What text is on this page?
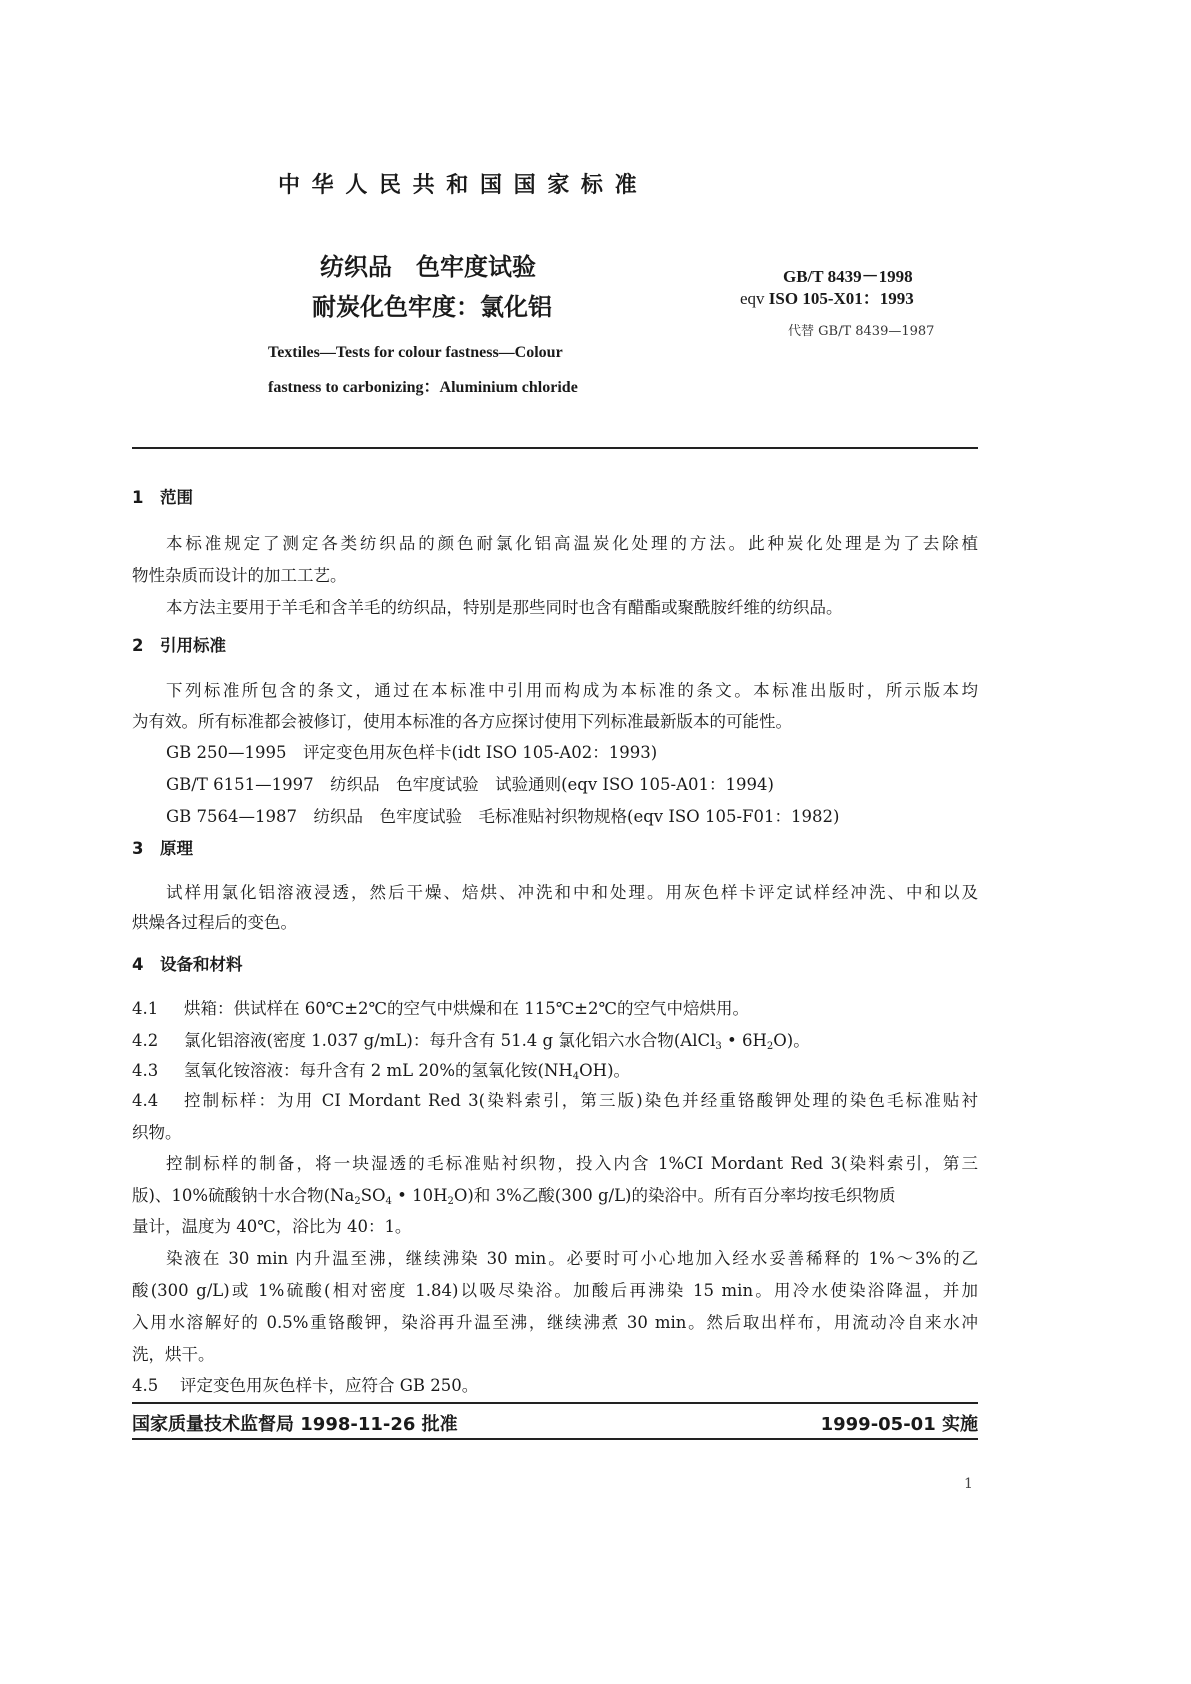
中 华 人 民 共 和 国 国 家 标 准
纺织品　色牢度试验
耐炭化色牢度：氯化铝
Textiles—Tests for colour fastness—Colour
fastness to carbonizing：Aluminium chloride
GB/T 8439－1998
eqv ISO 105-X01：1993
代替 GB/T 8439—1987
1 范围
本标准规定了测定各类纺织品的颜色耐氯化铝高温炭化处理的方法。此种炭化处理是为了去除植
物性杂质而设计的加工工艺。
本方法主要用于羊毛和含羊毛的纺织品，特别是那些同时也含有醋酯或聚酰胺纤维的纺织品。
2 引用标准
下列标准所包含的条文，通过在本标准中引用而构成为本标准的条文。本标准出版时，所示版本均
为有效。所有标准都会被修订，使用本标准的各方应探讨使用下列标准最新版本的可能性。
GB 250—1995　评定变色用灰色样卡(idt ISO 105-A02：1993)
GB/T 6151—1997　纺织品　色牢度试验　试验通则(eqv ISO 105-A01：1994)
GB 7564—1987　纺织品　色牢度试验　毛标准贴衬织物规格(eqv ISO 105-F01：1982)
3 原理
试样用氯化铝溶液浸透，然后干燥、焙烘、冲洗和中和处理。用灰色样卡评定试样经冲洗、中和以及
烘燥各过程后的变色。
4 设备和材料
4.1 烘箱：供试样在 60℃±2℃的空气中烘燥和在 115℃±2℃的空气中焙烘用。
4.2 氯化铝溶液(密度 1.037 g/mL)：每升含有 51.4 g 氯化铝六水合物(AlCl$_3$ • $6H_2O$)。
4.3 氢氧化铵溶液：每升含有 2 mL 20%的氢氧化铵$(NH_4OH)$。
4.4	控制标样：为用 CI Mordant Red 3(染料索引，第三版)染色并经重铬酸钾处理的染色毛标准贴衬
织物。
控制标样的制备，将一块湿透的毛标准贴衬织物，投入内含 1%CI Mordant Red 3(染料索引，第三
版)、10%硫酸钠十水合物($Na_2SO_4$ • $10H_2O$)和 3%乙酸(300 g/L)的染浴中。所有百分率均按毛织物质
量计，温度为 40℃，浴比为 40：1。
染液在 30 min 内升温至沸，继续沸染 30 min。必要时可小心地加入经水妥善稀释的 1%～3%的乙
酸(300 g/L)或 1%硫酸(相对密度 1.84)以吸尽染浴。加酸后再沸染 15 min。用冷水使染浴降温，并加
入用水溶解好的 0.5%重铬酸钾，染浴再升温至沸，继续沸煮 30 min。然后取出样布，用流动冷自来水冲
洗，烘干。
4.5 评定变色用灰色样卡，应符合 GB 250。
国家质量技术监督局 1998-11-26 批准	1999-05-01 实施
1
